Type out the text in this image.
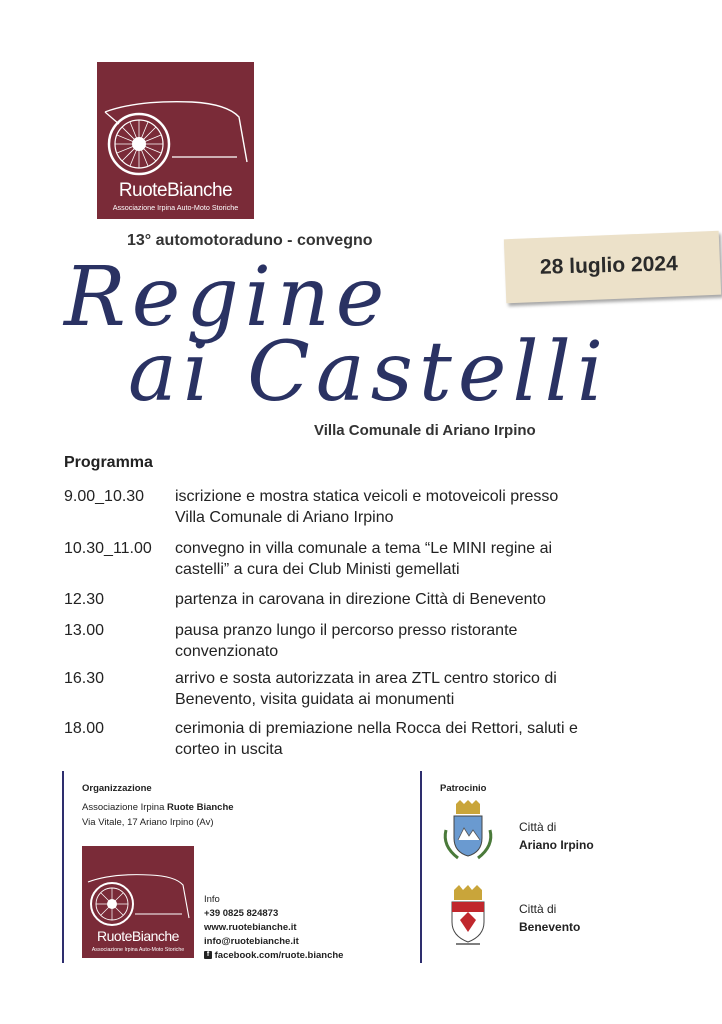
RuoteBianche
Associazione Irpina Auto-Moto Storiche
13° automotoraduno - convegno
28 luglio 2024
Regine
ai Castelli
Villa Comunale di Ariano Irpino
Programma
9.00_10.30	iscrizione e mostra statica veicoli e motoveicoli presso
Villa Comunale di Ariano Irpino
10.30_11.00	convegno in villa comunale a tema “Le MINI regine ai
castelli” a cura dei Club Ministi gemellati
12.30	partenza in carovana in direzione Città di Benevento
13.00	pausa pranzo lungo il percorso presso ristorante
convenzionato
16.30	arrivo e sosta autorizzata in area ZTL centro storico di
Benevento, visita guidata ai monumenti
18.00	cerimonia di premiazione nella Rocca dei Rettori, saluti e
corteo in uscita
Organizzazione
Associazione Irpina Ruote Bianche
Via Vitale, 17 Ariano Irpino (Av)
RuoteBianche
Associazione Irpina Auto-Moto Storiche
Info
+39 0825 824873
www.ruotebianche.it
info@ruotebianche.it
f facebook.com/ruote.bianche
Patrocinio
Città di
Ariano Irpino
Città di
Benevento
